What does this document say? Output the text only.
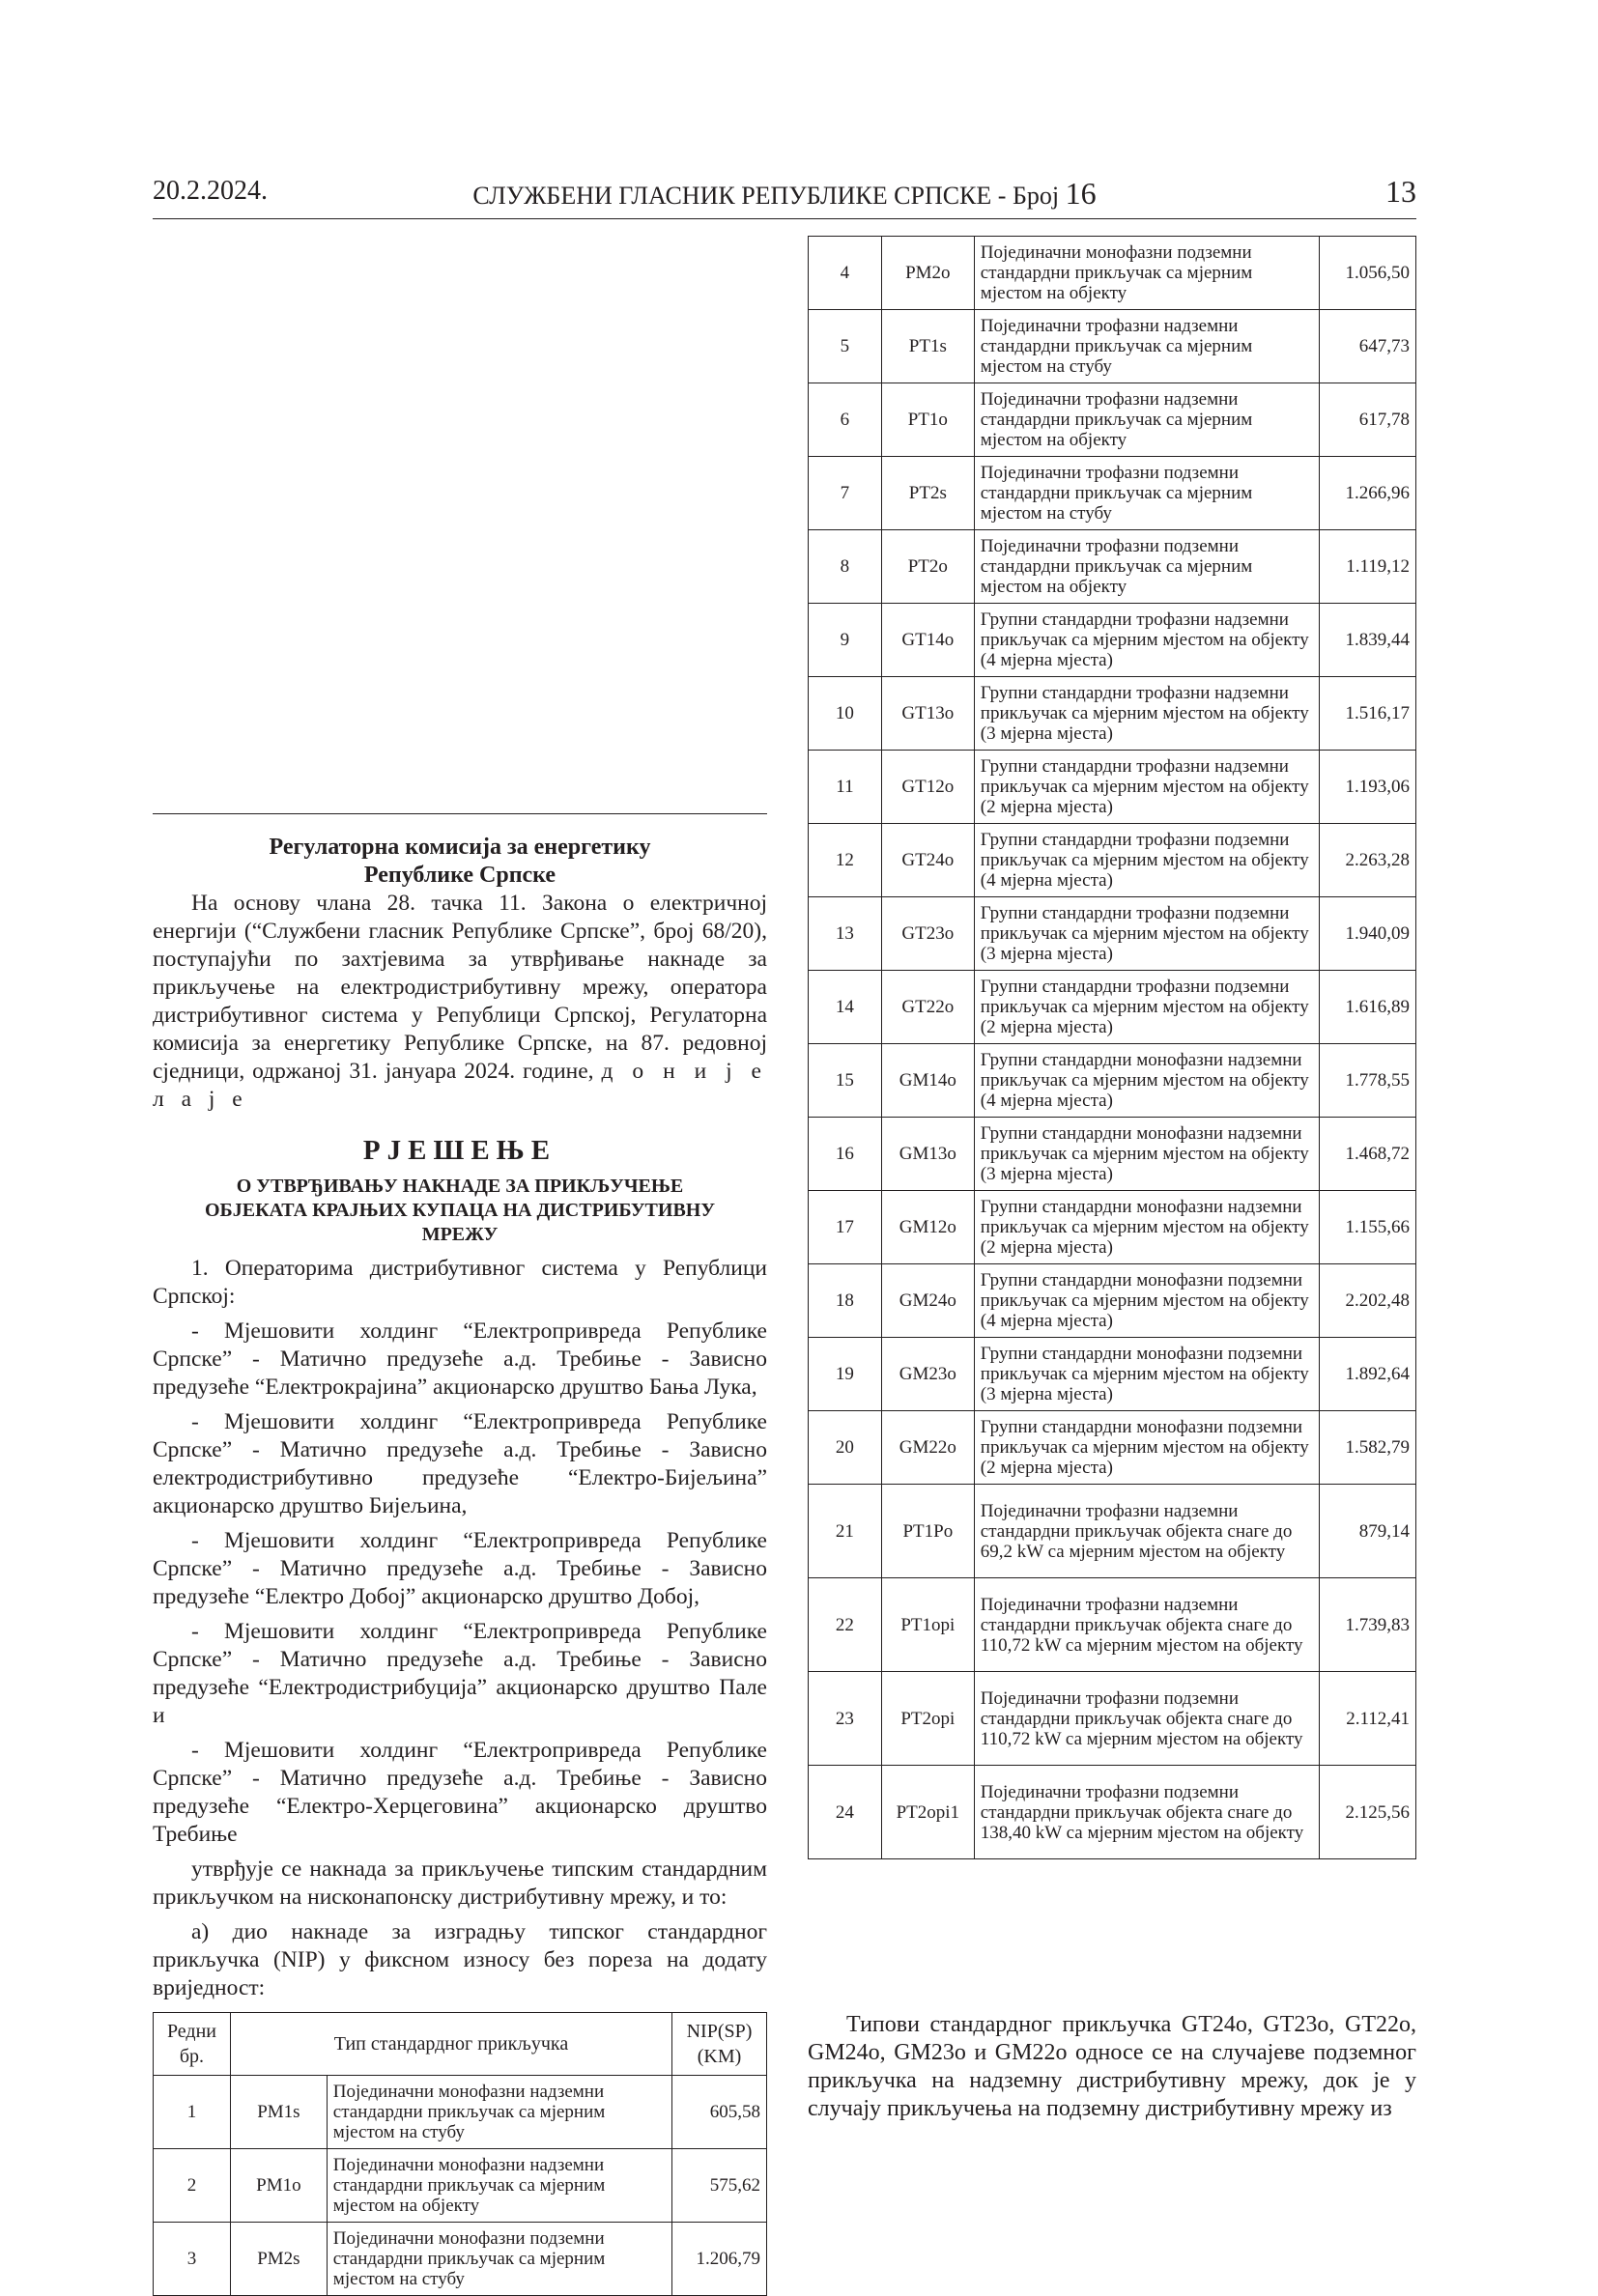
20.2.2024.	СЛУЖБЕНИ ГЛАСНИК РЕПУБЛИКЕ СРПСКЕ - Број 16	13
Регулаторна комисија за енергетику
Републике Српске

На основу члана 28. тачка 11. Закона о електричној енергији (“Службени гласник Републике Српске”, број 68/20), поступајући по захтјевима за утврђивање накнаде за прикључење на електродистрибутивну мрежу, оператора дистрибутивног система у Републици Српској, Регулаторна комисија за енергетику Републике Српске, на 87. редовној сједници, одржаној 31. јануара 2024. године, д о н и ј е л а ј е

РЈЕШЕЊЕ
О УТВРЂИВАЊУ НАКНАДЕ ЗА ПРИКЉУЧЕЊЕ
ОБЈЕКАТА КРАЈЊИХ КУПАЦА НА ДИСТРИБУТИВНУ
МРЕЖУ

1. Операторима дистрибутивног система у Републици Српској:

- Мјешовити холдинг “Електропривреда Републике Српске” - Матично предузеће а.д. Требиње - Зависно предузеће “Електрокрајина” акционарско друштво Бања Лука,

- Мјешовити холдинг “Електропривреда Републике Српске” - Матично предузеће а.д. Требиње - Зависно електродистрибутивно предузеће “Електро-Бијељина” акционарско друштво Бијељина,

- Мјешовити холдинг “Електропривреда Републике Српске” - Матично предузеће а.д. Требиње - Зависно предузеће “Електро Добој” акционарско друштво Добој,

- Мјешовити холдинг “Електропривреда Републике Српске” - Матично предузеће а.д. Требиње - Зависно предузеће “Електродистрибуција” акционарско друштво Пале и

- Мјешовити холдинг “Електропривреда Републике Српске” - Матично предузеће а.д. Требиње - Зависно предузеће “Електро-Херцеговина” акционарско друштво Требиње

утврђује се накнада за прикључење типским стандардним прикључком на нисконапонску дистрибутивну мрежу, и то:

а) дио накнаде за изградњу типског стандардног прикључка (NIP) у фиксном износу без пореза на додату вриједност:

Редни бр.	Тип стандардног прикључка		NIP(SP) (KM)
1	PM1s	Појединачни монофазни надземни стандардни прикључак са мјерним мјестом на стубу	605,58
2	PM1o	Појединачни монофазни надземни стандардни прикључак са мјерним мјестом на објекту	575,62
3	PM2s	Појединачни монофазни подземни стандардни прикључак са мјерним мјестом на стубу	1.206,79
4	PM2o	Појединачни монофазни подземни стандардни прикључак са мјерним мјестом на објекту	1.056,50
5	PT1s	Појединачни трофазни надземни стандардни прикључак са мјерним мјестом на стубу	647,73
6	PT1o	Појединачни трофазни надземни стандардни прикључак са мјерним мјестом на објекту	617,78
7	PT2s	Појединачни трофазни подземни стандардни прикључак са мјерним мјестом на стубу	1.266,96
8	PT2o	Појединачни трофазни подземни стандардни прикључак са мјерним мјестом на објекту	1.119,12
9	GT14o	Групни стандардни трофазни надземни прикључак са мјерним мјестом на објекту (4 мјерна мјеста)	1.839,44
10	GT13o	Групни стандардни трофазни надземни прикључак са мјерним мјестом на објекту (3 мјерна мјеста)	1.516,17
11	GT12o	Групни стандардни трофазни надземни прикључак са мјерним мјестом на објекту (2 мјерна мјеста)	1.193,06
12	GT24o	Групни стандардни трофазни подземни прикључак са мјерним мјестом на објекту (4 мјерна мјеста)	2.263,28
13	GT23o	Групни стандардни трофазни подземни прикључак са мјерним мјестом на објекту (3 мјерна мјеста)	1.940,09
14	GT22o	Групни стандардни трофазни подземни прикључак са мјерним мјестом на објекту (2 мјерна мјеста)	1.616,89
15	GM14o	Групни стандардни монофазни надземни прикључак са мјерним мјестом на објекту (4 мјерна мјеста)	1.778,55
16	GM13o	Групни стандардни монофазни надземни прикључак са мјерним мјестом на објекту (3 мјерна мјеста)	1.468,72
17	GM12o	Групни стандардни монофазни надземни прикључак са мјерним мјестом на објекту (2 мјерна мјеста)	1.155,66
18	GM24o	Групни стандардни монофазни подземни прикључак са мјерним мјестом на објекту (4 мјерна мјеста)	2.202,48
19	GM23o	Групни стандардни монофазни подземни прикључак са мјерним мјестом на објекту (3 мјерна мјеста)	1.892,64
20	GM22o	Групни стандардни монофазни подземни прикључак са мјерним мјестом на објекту (2 мјерна мјеста)	1.582,79
21	PT1Po	Појединачни трофазни надземни стандардни прикључак објекта снаге до 69,2 kW са мјерним мјестом на објекту	879,14
22	PT1opi	Појединачни трофазни надземни стандардни прикључак објекта снаге до 110,72 kW са мјерним мјестом на објекту	1.739,83
23	PT2opi	Појединачни трофазни подземни стандардни прикључак објекта снаге до 110,72 kW са мјерним мјестом на објекту	2.112,41
24	PT2opi1	Појединачни трофазни подземни стандардни прикључак објекта снаге до 138,40 kW са мјерним мјестом на објекту	2.125,56

Типови стандардног прикључка GT24o, GT23o, GT22o, GM24o, GM23o и GM22o односе се на случајеве подземног прикључка на надземну дистрибутивну мрежу, док је у случају прикључења на подземну дистрибутивну мрежу из
